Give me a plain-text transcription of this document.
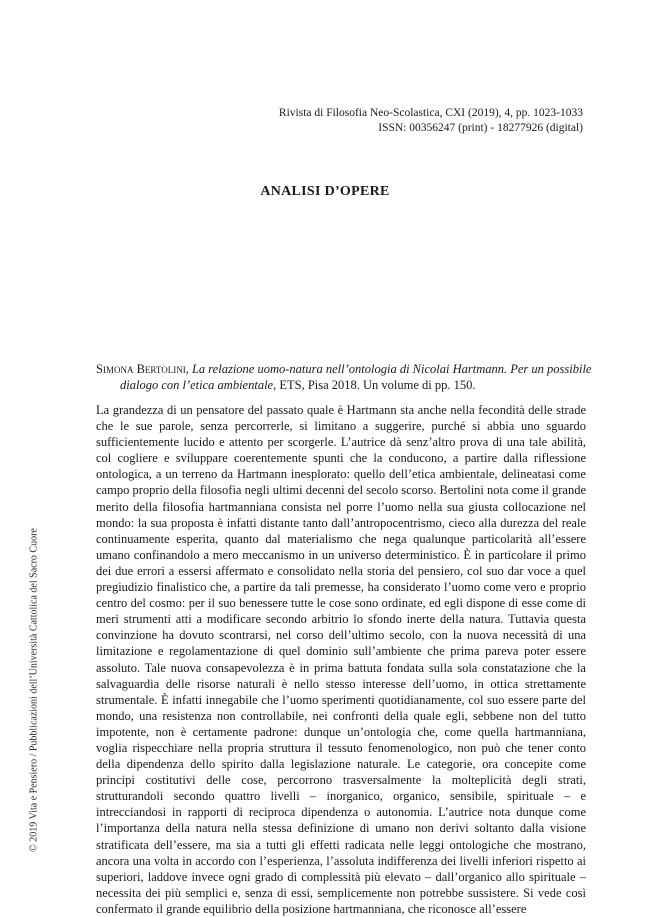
Rivista di Filosofia Neo-Scolastica, CXI (2019), 4, pp. 1023-1033
ISSN: 00356247 (print) - 18277926 (digital)
ANALISI D’OPERE
Simona Bertolini, La relazione uomo-natura nell’ontologia di Nicolai Hartmann. Per un possibile dialogo con l’etica ambientale, ETS, Pisa 2018. Un volume di pp. 150.

La grandezza di un pensatore del passato quale è Hartmann sta anche nella fecondità delle strade che le sue parole, senza percorrerle, si limitano a suggerire, purché si abbia uno sguardo sufficientemente lucido e attento per scorgerle. L’autrice dà senz’altro prova di una tale abilità, col cogliere e sviluppare coerentemente spunti che la conducono, a partire dalla riflessione ontologica, a un terreno da Hartmann inesplorato: quello dell’etica ambientale, delineatasi come campo proprio della filosofia negli ultimi decenni del secolo scorso. Bertolini nota come il grande merito della filosofia hartmanniana consista nel porre l’uomo nella sua giusta collocazione nel mondo: la sua proposta è infatti distante tanto dall’antropocentrismo, cieco alla durezza del reale continuamente esperita, quanto dal materialismo che nega qualunque particolarità all’essere umano confinandolo a mero meccanismo in un universo deterministico. È in particolare il primo dei due errori a essersi affermato e consolidato nella storia del pensiero, col suo dar voce a quel pregiudizio finalistico che, a partire da tali premesse, ha considerato l’uomo come vero e proprio centro del cosmo: per il suo benessere tutte le cose sono ordinate, ed egli dispone di esse come di meri strumenti atti a modificare secondo arbitrio lo sfondo inerte della natura. Tuttavia questa convinzione ha dovuto scontrarsi, nel corso dell’ultimo secolo, con la nuova necessità di una limitazione e regolamentazione di quel dominio sull’ambiente che prima pareva poter essere assoluto. Tale nuova consapevolezza è in prima battuta fondata sulla sola constatazione che la salvaguardia delle risorse naturali è nello stesso interesse dell’uomo, in ottica strettamente strumentale. È infatti innegabile che l’uomo sperimenti quotidianamente, col suo essere parte del mondo, una resistenza non controllabile, nei confronti della quale egli, sebbene non del tutto impotente, non è certamente padrone: dunque un’ontologia che, come quella hartmanniana, voglia rispecchiare nella propria struttura il tessuto fenomenologico, non può che tener conto della dipendenza dello spirito dalla legislazione naturale. Le categorie, ora concepite come principi costitutivi delle cose, percorrono trasversalmente la molteplicità degli strati, strutturandoli secondo quattro livelli – inorganico, organico, sensibile, spirituale – e intrecciandosi in rapporti di reciproca dipendenza o autonomia. L’autrice nota dunque come l’importanza della natura nella stessa definizione di umano non derivi soltanto dalla visione stratificata dell’essere, ma sia a tutti gli effetti radicata nelle leggi ontologiche che mostrano, ancora una volta in accordo con l’esperienza, l’assoluta indifferenza dei livelli inferiori rispetto ai superiori, laddove invece ogni grado di complessità più elevato – dall’organico allo spirituale – necessita dei più semplici e, senza di essi, semplicemente non potrebbe sussistere. Si vede così confermato il grande equilibrio della posizione hartmanniana, che riconosce all’essere

© 2019 Vita e Pensiero / Pubblicazioni dell’Università Cattolica del Sacro Cuore
